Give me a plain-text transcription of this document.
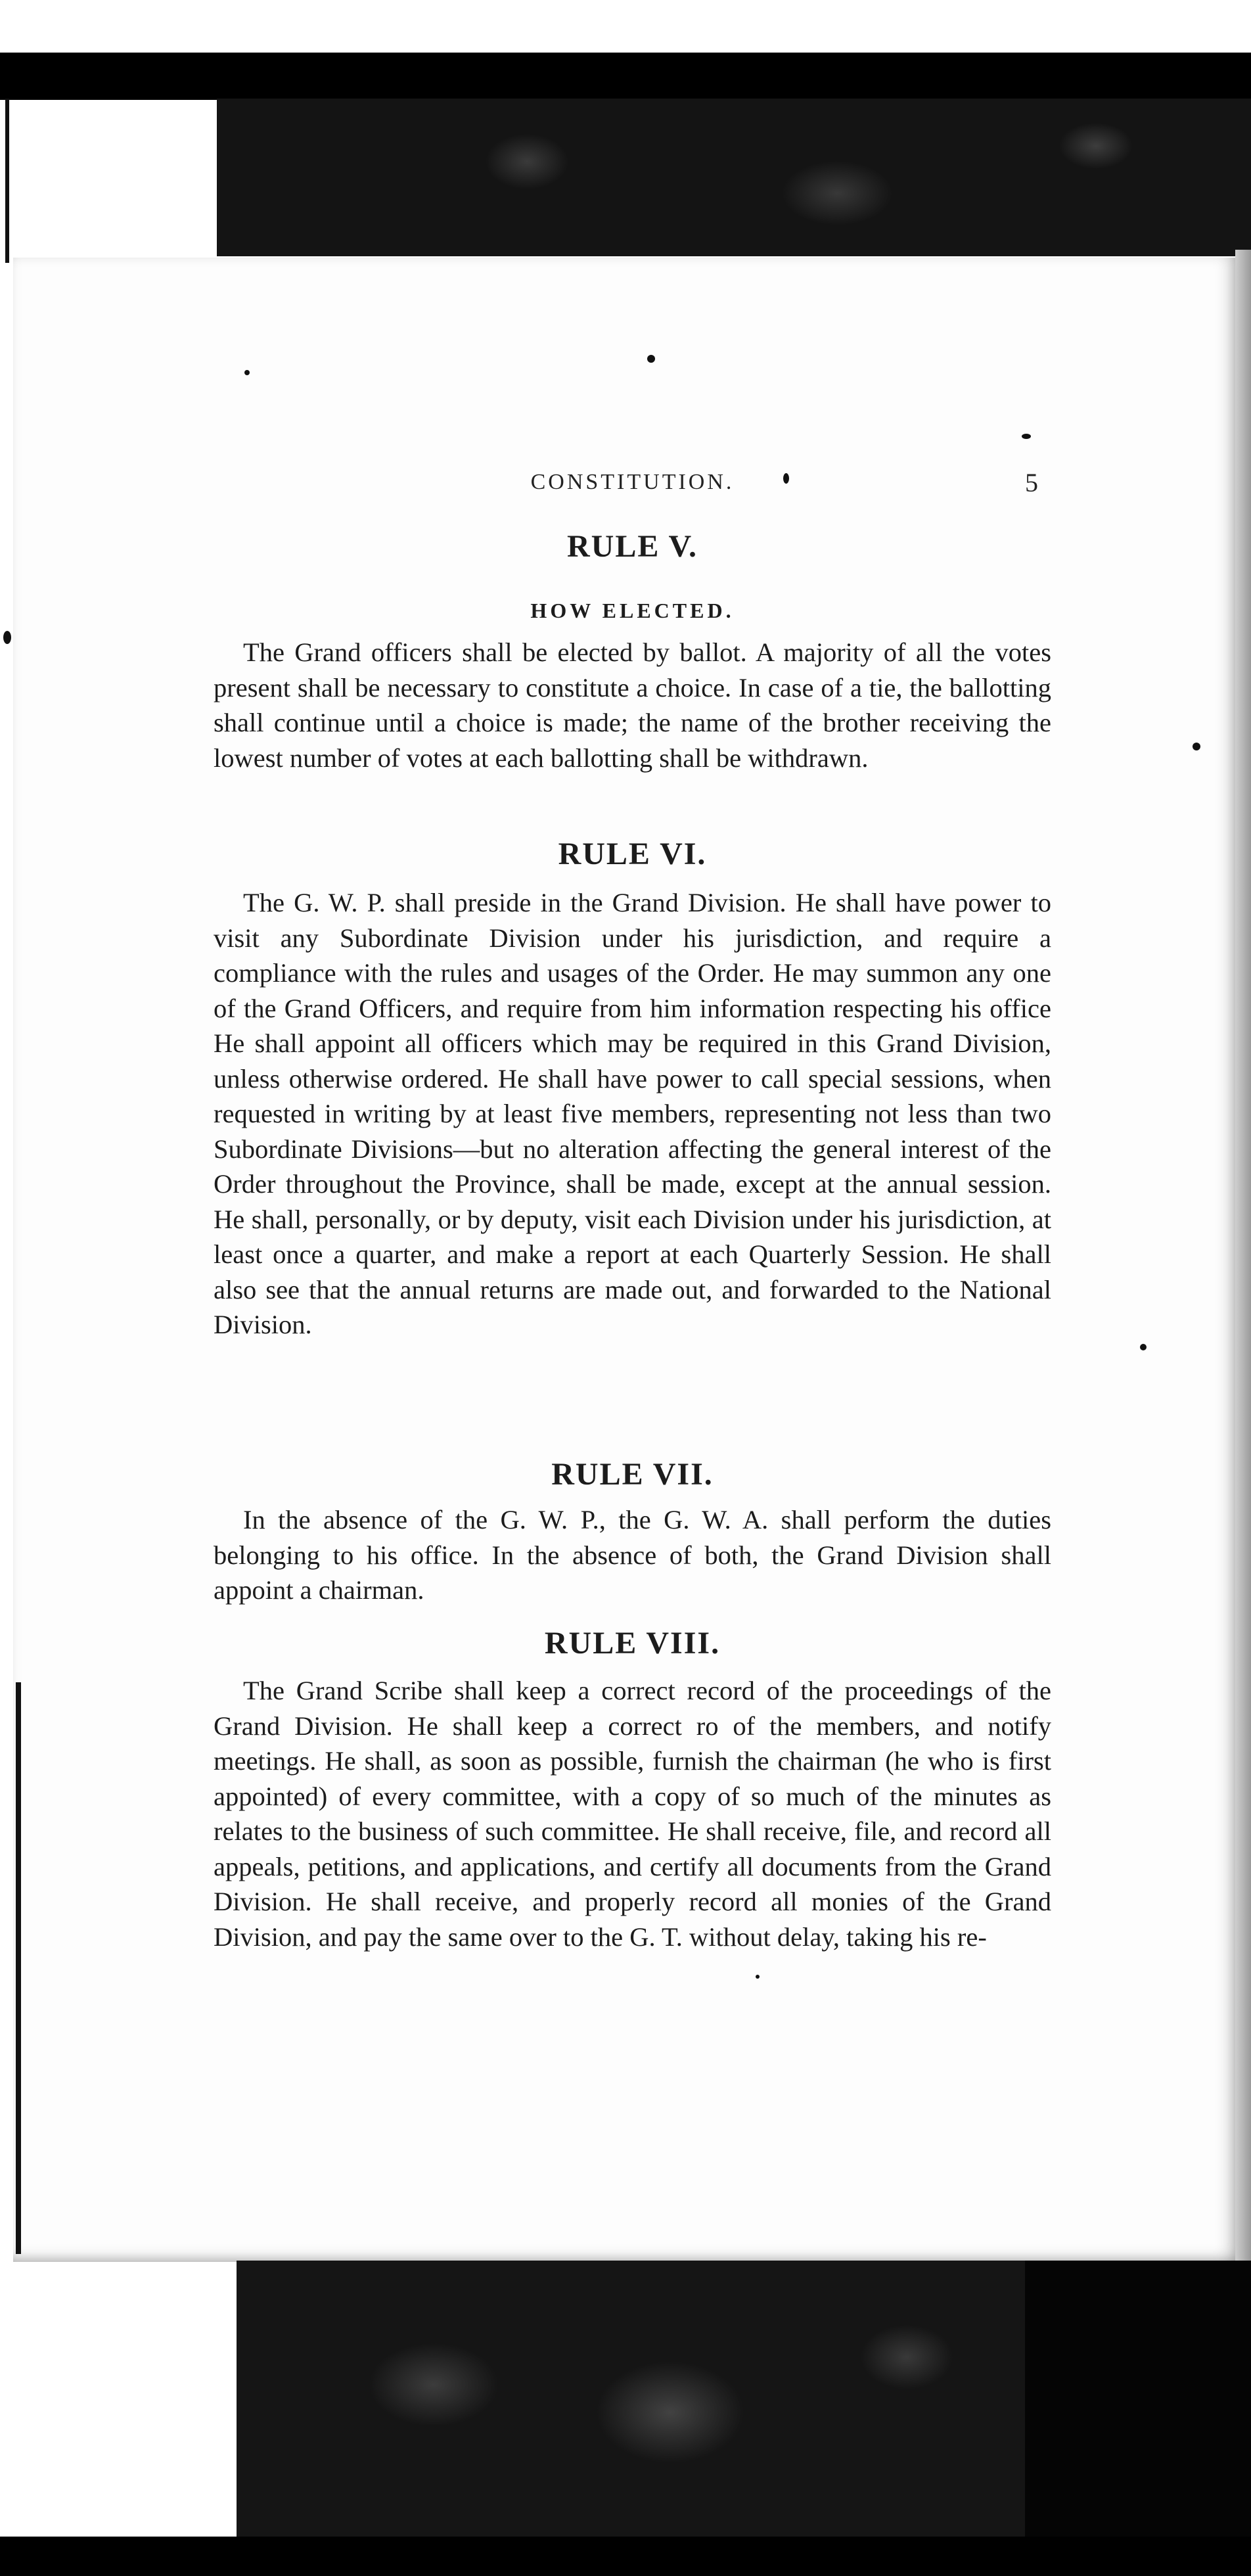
CONSTITUTION.	5
RULE V.
HOW ELECTED.

The Grand officers shall be elected by ballot. A majority of all the votes present shall be necessary to constitute a choice. In case of a tie, the ballotting shall continue until a choice is made; the name of the brother receiving the lowest number of votes at each ballotting shall be withdrawn.

RULE VI.

The G. W. P. shall preside in the Grand Division. He shall have power to visit any Subordinate Division under his jurisdiction, and require a compliance with the rules and usages of the Order. He may summon any one of the Grand Officers, and require from him information respecting his office He shall appoint all officers which may be required in this Grand Division, unless otherwise ordered. He shall have power to call special sessions, when requested in writing by at least five members, representing not less than two Subordinate Divisions—but no alteration affecting the general interest of the Order throughout the Province, shall be made, except at the annual session. He shall, personally, or by deputy, visit each Division under his jurisdiction, at least once a quarter, and make a report at each Quarterly Session. He shall also see that the annual returns are made out, and forwarded to the National Division.

RULE VII.

In the absence of the G. W. P., the G. W. A. shall perform the duties belonging to his office. In the absence of both, the Grand Division shall appoint a chairman.

RULE VIII.

The Grand Scribe shall keep a correct record of the proceedings of the Grand Division. He shall keep a correct ro of the members, and notify meetings. He shall, as soon as possible, furnish the chairman (he who is first appointed) of every committee, with a copy of so much of the minutes as relates to the business of such committee. He shall receive, file, and record all appeals, petitions, and applications, and certify all documents from the Grand Division. He shall receive, and properly record all monies of the Grand Division, and pay the same over to the G. T. without delay, taking his re-
